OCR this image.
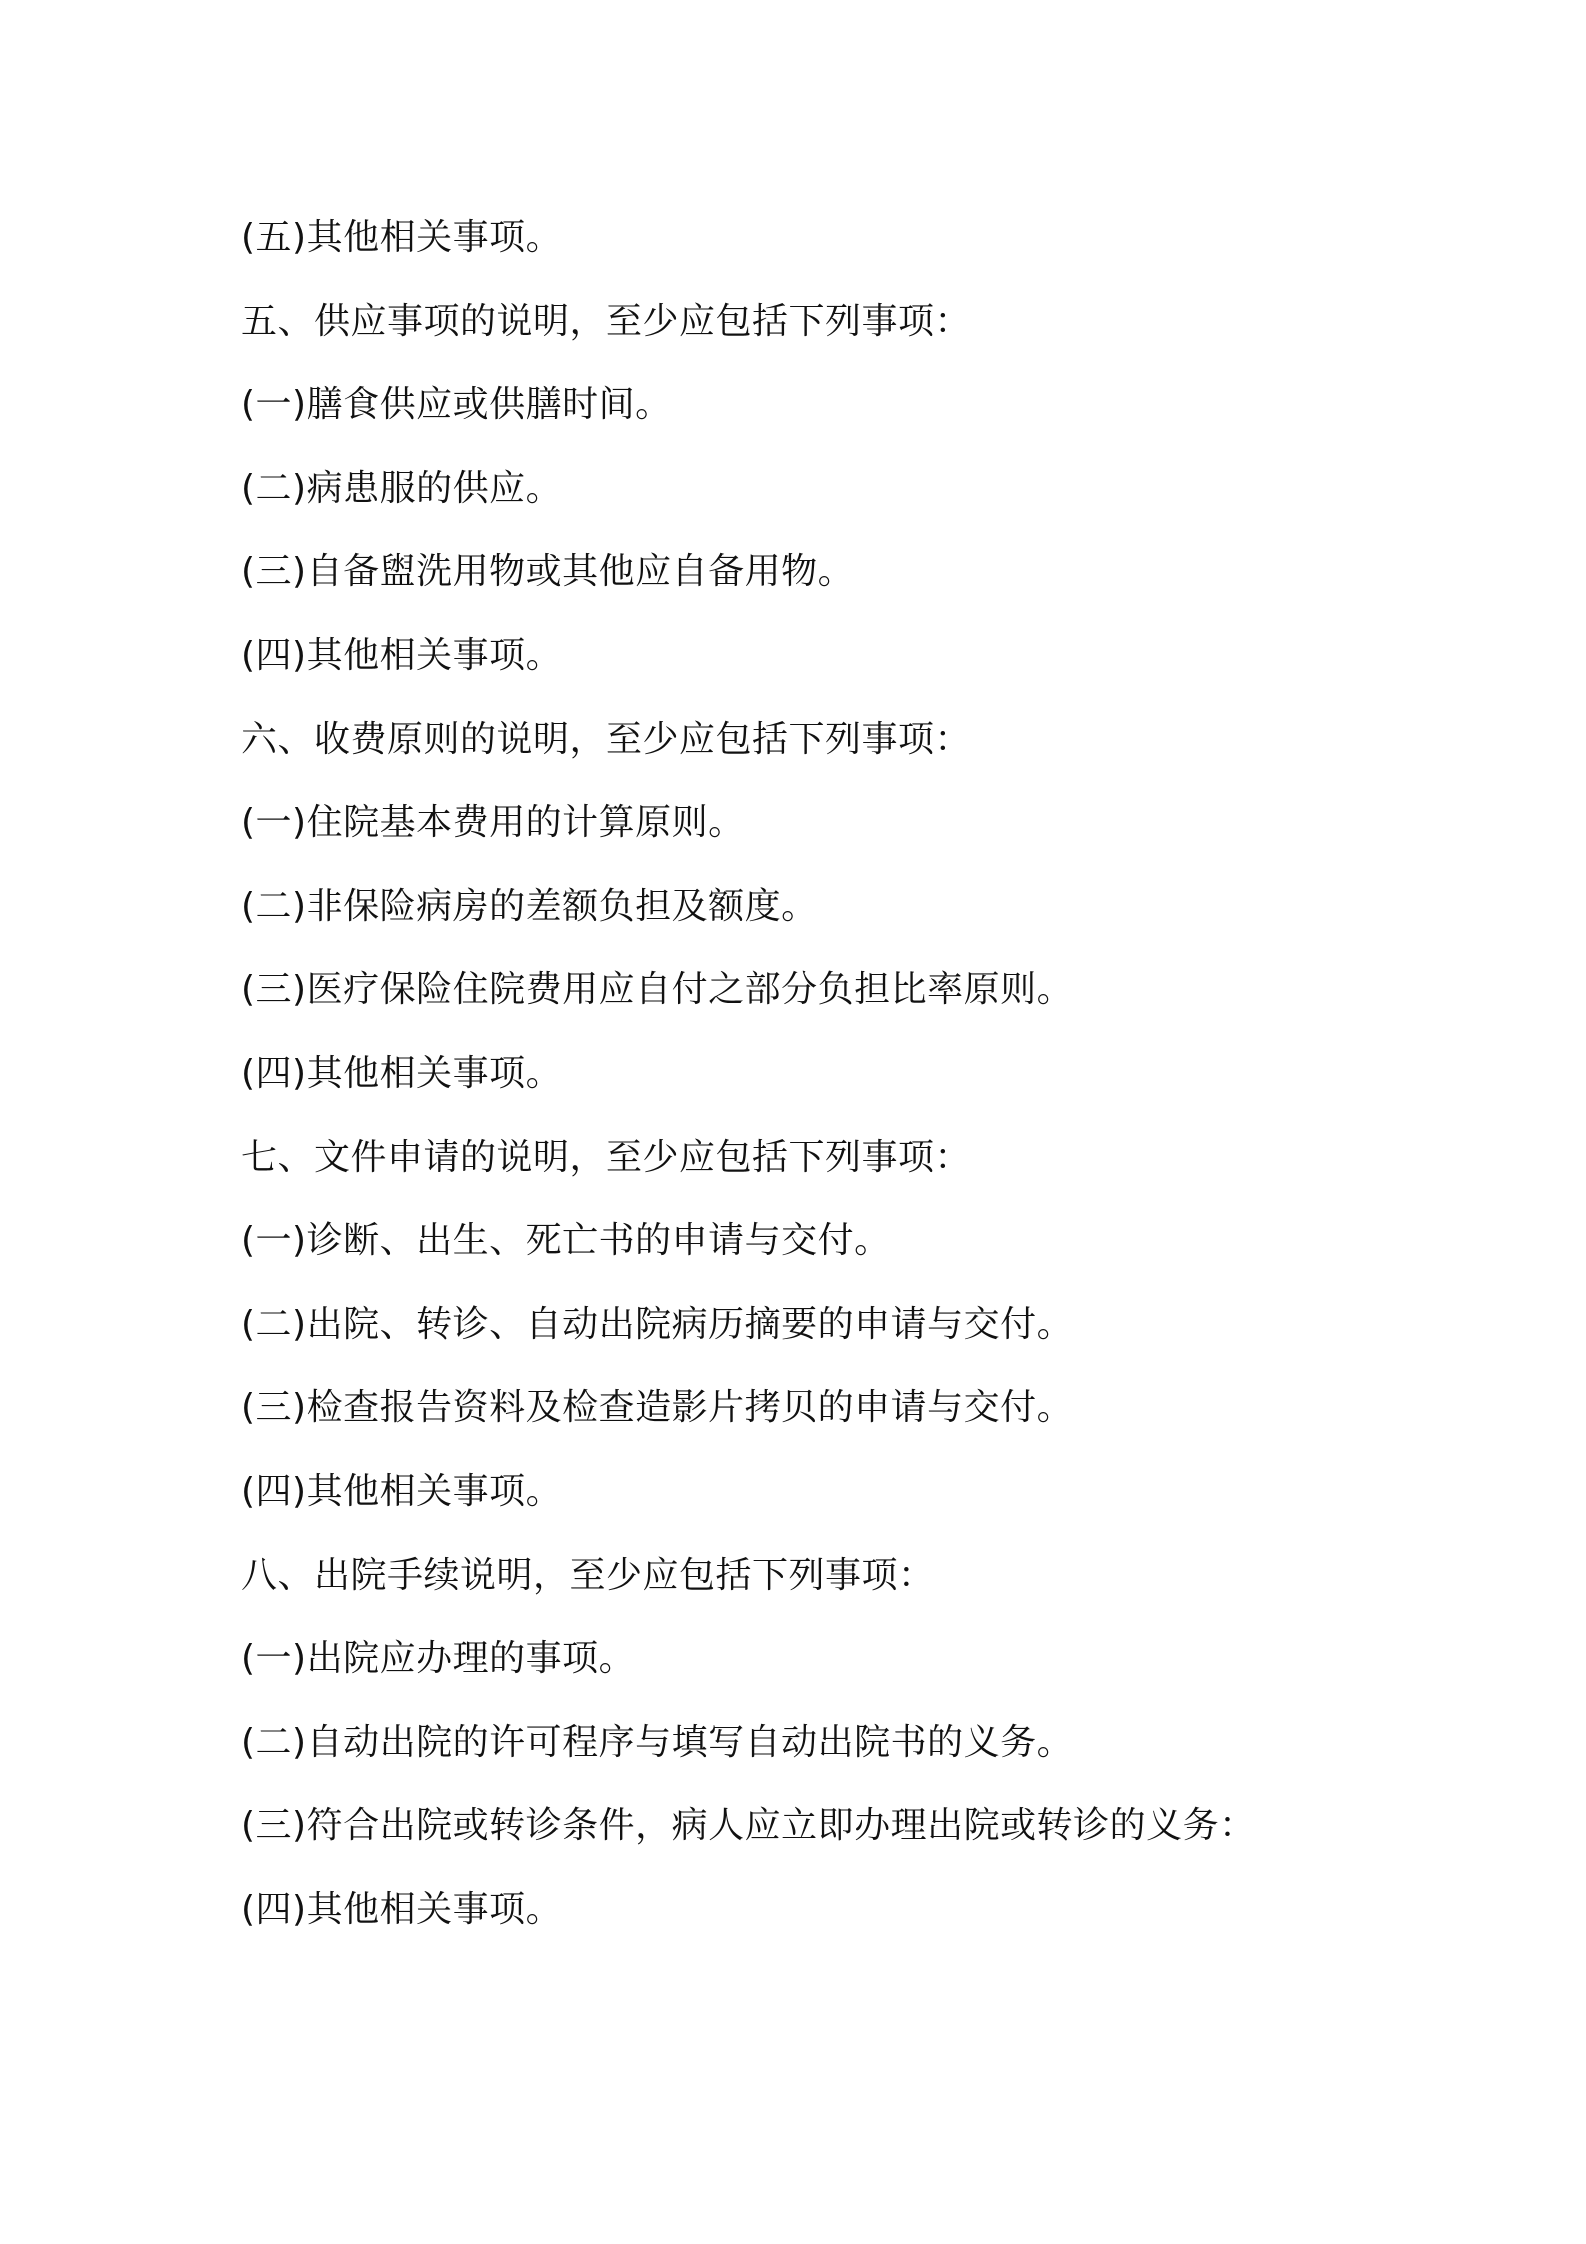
(五)其他相关事项。
五、供应事项的说明，至少应包括下列事项：
(一)膳食供应或供膳时间。
(二)病患服的供应。
(三)自备盥洗用物或其他应自备用物。
(四)其他相关事项。
六、收费原则的说明，至少应包括下列事项：
(一)住院基本费用的计算原则。
(二)非保险病房的差额负担及额度。
(三)医疗保险住院费用应自付之部分负担比率原则。
(四)其他相关事项。
七、文件申请的说明，至少应包括下列事项：
(一)诊断、出生、死亡书的申请与交付。
(二)出院、转诊、自动出院病历摘要的申请与交付。
(三)检查报告资料及检查造影片拷贝的申请与交付。
(四)其他相关事项。
八、出院手续说明，至少应包括下列事项：
(一)出院应办理的事项。
(二)自动出院的许可程序与填写自动出院书的义务。
(三)符合出院或转诊条件，病人应立即办理出院或转诊的义务：
(四)其他相关事项。
